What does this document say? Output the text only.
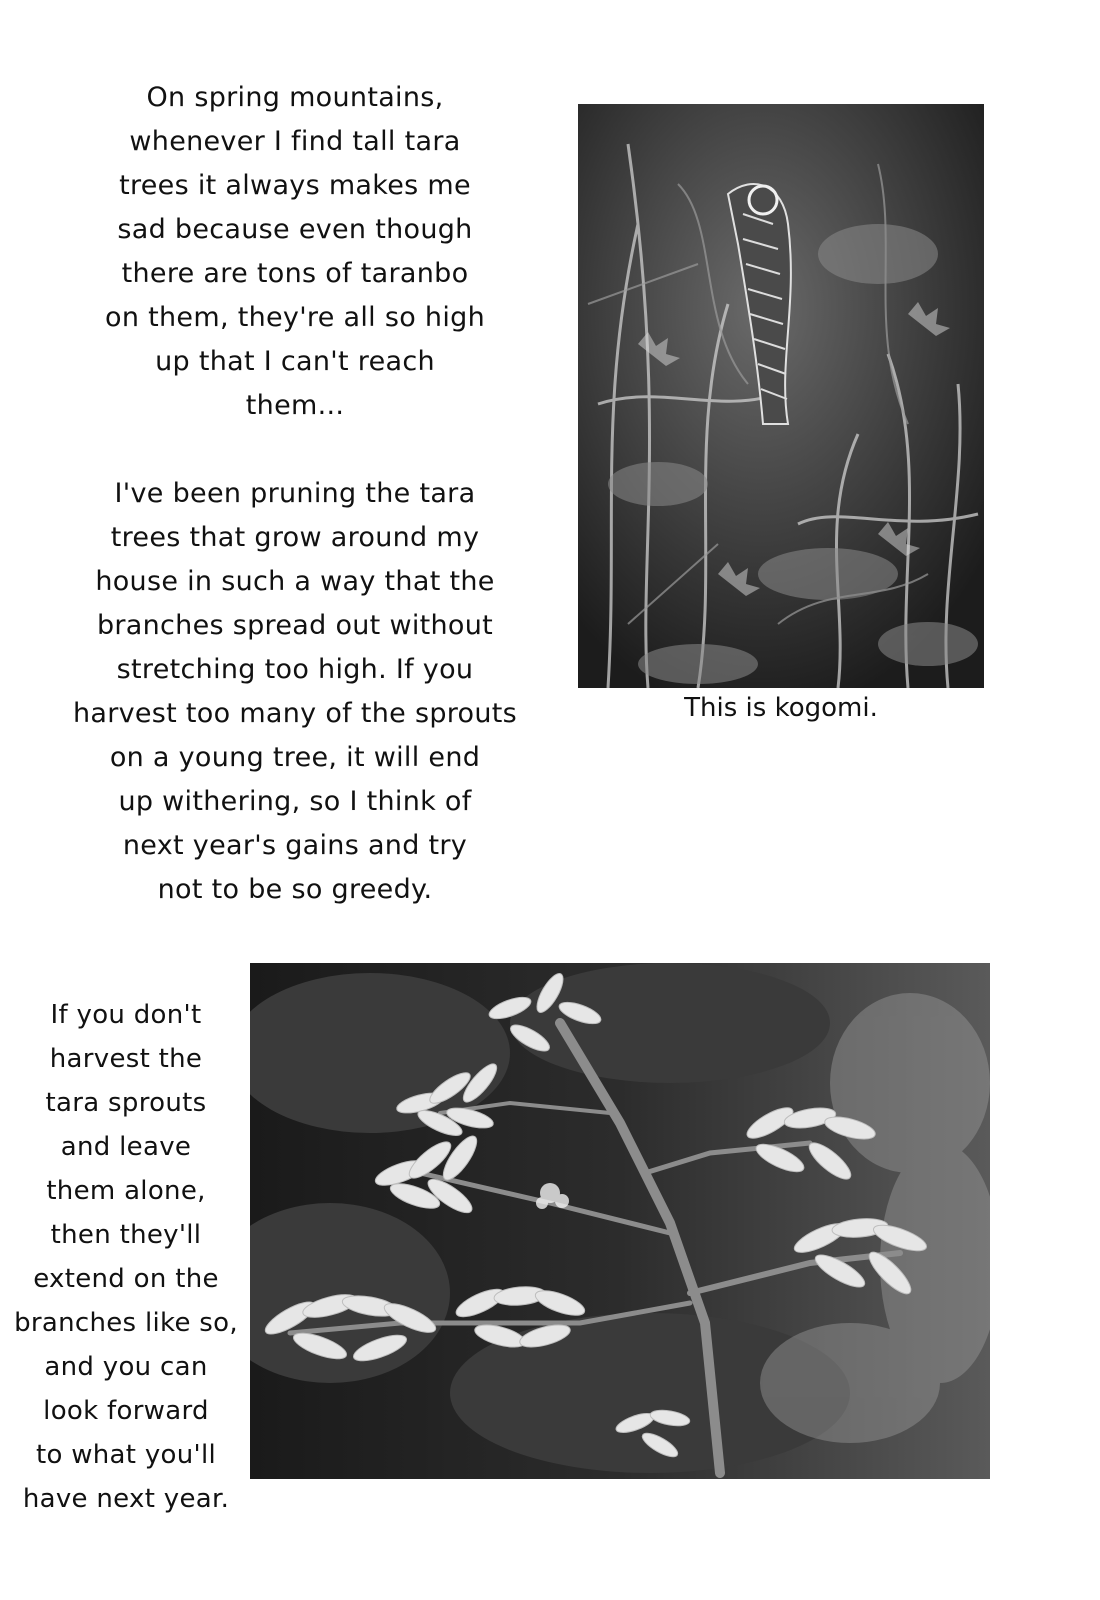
On spring mountains,
whenever I find tall tara
trees it always makes me
sad because even though
there are tons of taranbo
on them, they're all so high
up that I can't reach
them...
I've been pruning the tara
trees that grow around my
house in such a way that the
branches spread out without
stretching too high. If you
harvest too many of the sprouts
on a young tree, it will end
up withering, so I think of
next year's gains and try
not to be so greedy.
This is kogomi.
If you don't
harvest the
tara sprouts
and leave
them alone,
then they'll
extend on the
branches like so,
and you can
look forward
to what you'll
have next year.
